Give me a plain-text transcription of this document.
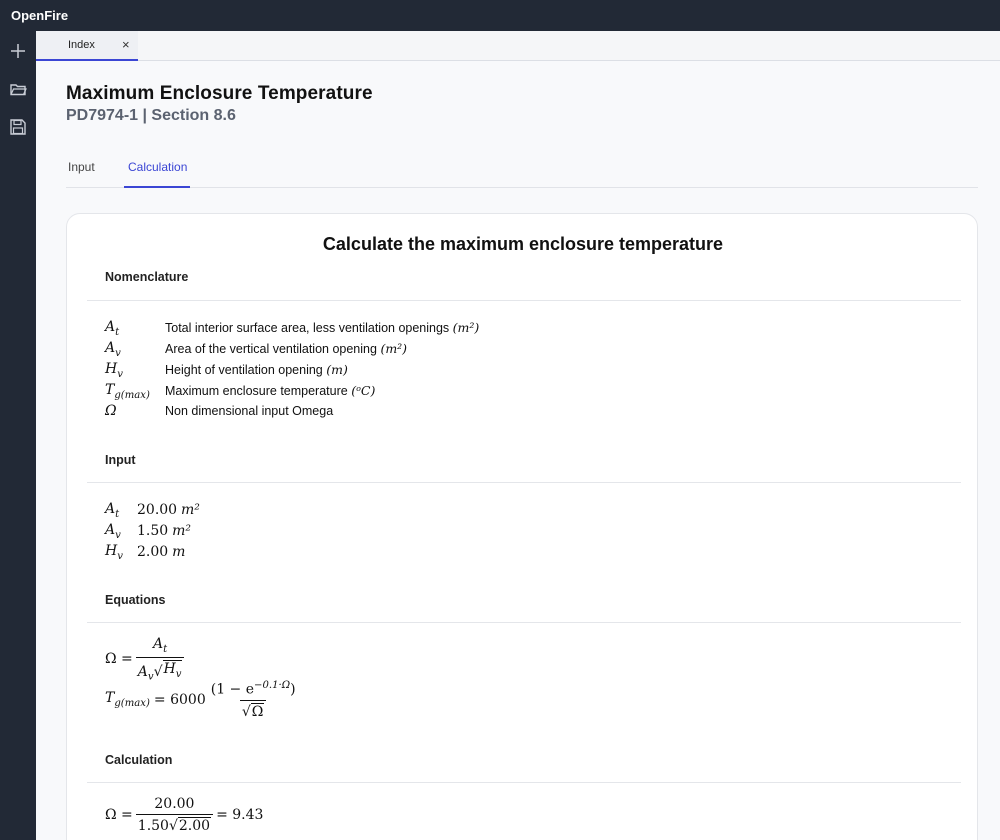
OpenFire
Index ×
Maximum Enclosure Temperature
PD7974-1 | Section 8.6
Input	Calculation
Calculate the maximum enclosure temperature
Nomenclature
$A_t$	Total interior surface area, less ventilation openings (m²)
$A_v$	Area of the vertical ventilation opening (m²)
$H_v$	Height of ventilation opening (m)
$T_{g(max)}$ Maximum enclosure temperature (ᵒC)
Ω	Non dimensional input Omega
Input
$A_t$ 20.00 m²
$A_v$ 1.50 m²
$H_v$ 2.00 m
Equations
$\Omega = \frac{A_t}{A_v √ H_v}$
$T_{g(max)} = 6000 \frac{(1 - e^{-0.1\cdot\Omega})}{√ \Omega}$
Calculation
$\Omega = \frac{20.00}{1.50 √ 2.00} = 9.43$
